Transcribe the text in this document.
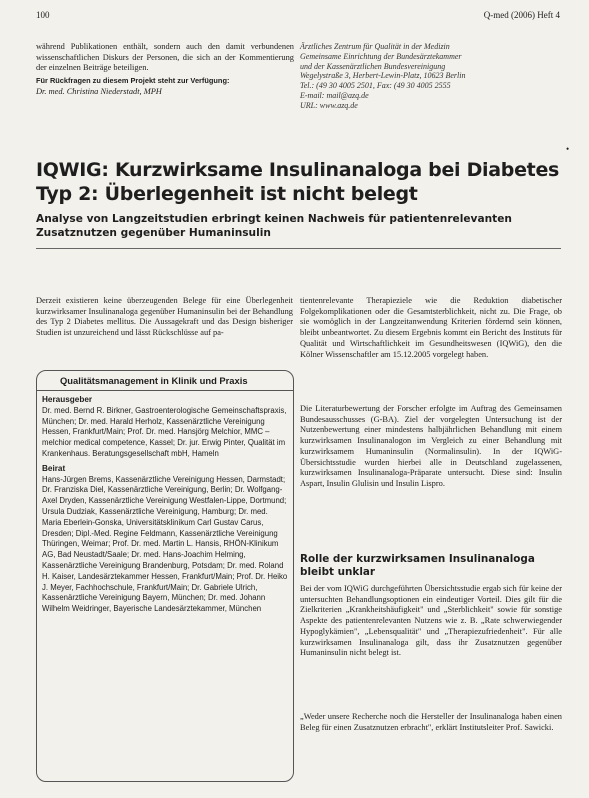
100	Q-med (2006) Heft 4

während Publikationen enthält, sondern auch den damit verbundenen wissenschaftlichen Diskurs der Personen, die sich an der Kommentierung der einzelnen Beiträge beteiligen.

Für Rückfragen zu diesem Projekt steht zur Verfügung:

Dr. med. Christina Niederstadt, MPH

Ärztliches Zentrum für Qualität in der Medizin

Gemeinsame Einrichtung der Bundesärztekammer

und der Kassenärztlichen Bundesvereinigung

Wegelystraße 3, Herbert-Lewin-Platz, 10623 Berlin

Tel.: (49 30 4005 2501, Fax: (49 30 4005 2555

E-mail: mail@azq.de

URL: www.azq.de

•

IQWIG: Kurzwirksame Insulinanaloga bei Diabetes

Typ 2: Überlegenheit ist nicht belegt

Analyse von Langzeitstudien erbringt keinen Nachweis für patientenrelevanten

Zusatznutzen gegenüber Humaninsulin

Derzeit existieren keine überzeugenden Belege für eine Überlegenheit kurzwirksamer Insulinanaloga gegenüber Humaninsulin bei der Behandlung des Typ 2 Diabetes mellitus. Die Aussagekraft und das Design bisheriger Studien ist unzureichend und lässt Rückschlüsse auf pa-

Qualitätsmanagement in Klinik und Praxis

Herausgeber

Dr. med. Bernd R. Birkner, Gastroenterologische Gemeinschaftspraxis, München; Dr. med. Harald Herholz, Kassenärztliche Vereinigung Hessen, Frankfurt/Main; Prof. Dr. med. Hansjörg Melchior, MMC – melchior medical competence, Kassel; Dr. jur. Erwig Pinter, Qualität im Krankenhaus. Beratungsgesellschaft mbH, Hameln

Beirat

Hans-Jürgen Brems, Kassenärztliche Vereinigung Hessen, Darmstadt; Dr. Franziska Diel, Kassenärztliche Vereinigung, Berlin; Dr. Wolfgang-Axel Dryden, Kassenärztliche Vereinigung Westfalen-Lippe, Dortmund; Ursula Dudziak, Kassenärztliche Vereinigung, Hamburg; Dr. med. Maria Eberlein-Gonska, Universitätsklinikum Carl Gustav Carus, Dresden; Dipl.-Med. Regine Feldmann, Kassenärztliche Vereinigung Thüringen, Weimar; Prof. Dr. med. Martin L. Hansis, RHÖN-Klinikum AG, Bad Neustadt/Saale; Dr. med. Hans-Joachim Helming, Kassenärztliche Vereinigung Brandenburg, Potsdam; Dr. med. Roland H. Kaiser, Landesärztekammer Hessen, Frankfurt/Main; Prof. Dr. Heiko J. Meyer, Fachhochschule, Frankfurt/Main; Dr. Gabriele Ulrich, Kassenärztliche Vereinigung Bayern, München; Dr. med. Johann Wilhelm Weidringer, Bayerische Landesärztekammer, München

tientenrelevante Therapieziele wie die Reduktion diabetischer Folgekomplikationen oder die Gesamtsterblichkeit, nicht zu. Die Frage, ob sie womöglich in der Langzeitanwendung Kriterien fördernd sein können, bleibt unbeantwortet. Zu diesem Ergebnis kommt ein Bericht des Instituts für Qualität und Wirtschaftlichkeit im Gesundheitswesen (IQWiG), den die Kölner Wissenschaftler am 15.12.2005 vorgelegt haben.

Die Literaturbewertung der Forscher erfolgte im Auftrag des Gemeinsamen Bundesausschusses (G-BA). Ziel der vorgelegten Untersuchung ist der Nutzenbewertung einer mindestens halbjährlichen Behandlung mit einem kurzwirksamen Insulinanalogon im Vergleich zu einer Behandlung mit kurzwirksamem Humaninsulin (Normalinsulin). In der IQWiG-Übersichtsstudie wurden hierbei alle in Deutschland zugelassenen, kurzwirksamen Insulinanaloga-Präparate untersucht. Diese sind: Insulin Aspart, Insulin Glulisin und Insulin Lispro.

Rolle der kurzwirksamen Insulinanaloga

bleibt unklar

Bei der vom IQWiG durchgeführten Übersichtsstudie ergab sich für keine der untersuchten Behandlungsoptionen ein eindeutiger Vorteil. Dies gilt für die Zielkriterien „Krankheitshäufigkeit" und „Sterblichkeit" sowie für sonstige Aspekte des patientenrelevanten Nutzens wie z. B. „Rate schwerwiegender Hypoglykämien", „Lebensqualität" und „Therapiezufriedenheit". Für alle kurzwirksamen Insulinanaloga gilt, dass ihr Zusatznutzen gegenüber Humaninsulin nicht belegt ist.

„Weder unsere Recherche noch die Hersteller der Insulinanaloga haben einen Beleg für einen Zusatznutzen erbracht", erklärt Institutsleiter Prof. Sawicki.
